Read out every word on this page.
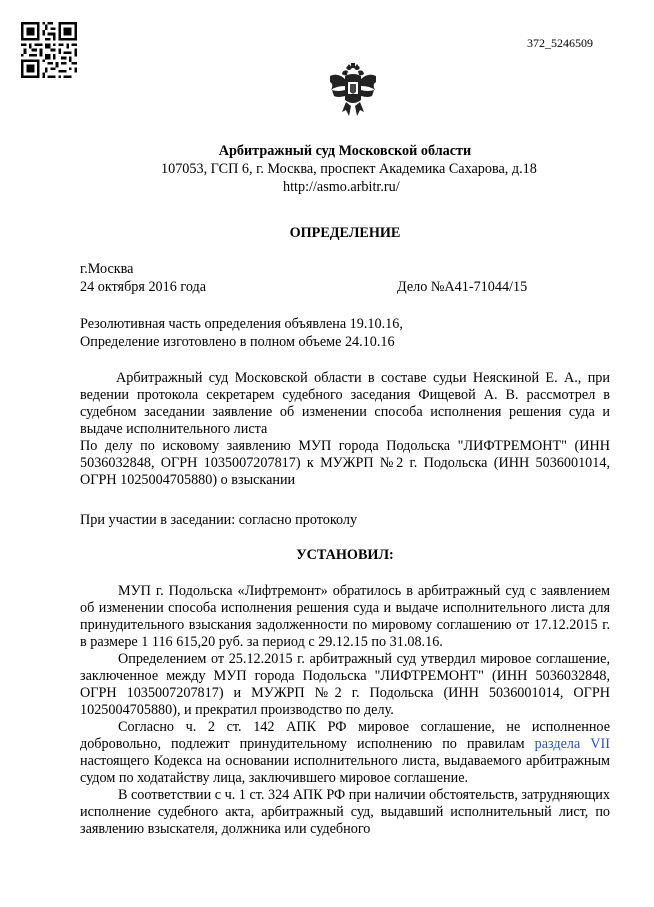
372_5246509
Арбитражный суд Московской области
107053, ГСП 6, г. Москва, проспект Академика Сахарова, д.18
http://asmo.arbitr.ru/
ОПРЕДЕЛЕНИЕ
г.Москва
24 октября 2016 года	Дело №А41-71044/15
Резолютивная часть определения объявлена 19.10.16,
Определение изготовлено в полном объеме 24.10.16
Арбитражный суд Московской области в составе судьи Неяскиной Е. А., при ведении протокола секретарем судебного заседания Фищевой А. В. рассмотрел в судебном заседании заявление об изменении способа исполнения решения суда и выдаче исполнительного листа
По делу по исковому заявлению МУП города Подольска "ЛИФТРЕМОНТ" (ИНН 5036032848, ОГРН 1035007207817) к МУЖРП №2 г. Подольска (ИНН 5036001014, ОГРН 1025004705880) о взыскании
При участии в заседании: согласно протоколу
УСТАНОВИЛ:
МУП г. Подольска «Лифтремонт» обратилось в арбитражный суд с заявлением об изменении способа исполнения решения суда и выдаче исполнительного листа для принудительного взыскания задолженности по мировому соглашению от 17.12.2015 г. в размере 1 116 615,20 руб. за период с 29.12.15 по 31.08.16.
Определением от 25.12.2015 г. арбитражный суд утвердил мировое соглашение, заключенное между МУП города Подольска "ЛИФТРЕМОНТ" (ИНН 5036032848, ОГРН 1035007207817) и МУЖРП №2 г. Подольска (ИНН 5036001014, ОГРН 1025004705880), и прекратил производство по делу.
Согласно ч. 2 ст. 142 АПК РФ мировое соглашение, не исполненное добровольно, подлежит принудительному исполнению по правилам раздела VII настоящего Кодекса на основании исполнительного листа, выдаваемого арбитражным судом по ходатайству лица, заключившего мировое соглашение.
В соответствии с ч. 1 ст. 324 АПК РФ при наличии обстоятельств, затрудняющих исполнение судебного акта, арбитражный суд, выдавший исполнительный лист, по заявлению взыскателя, должника или судебного
